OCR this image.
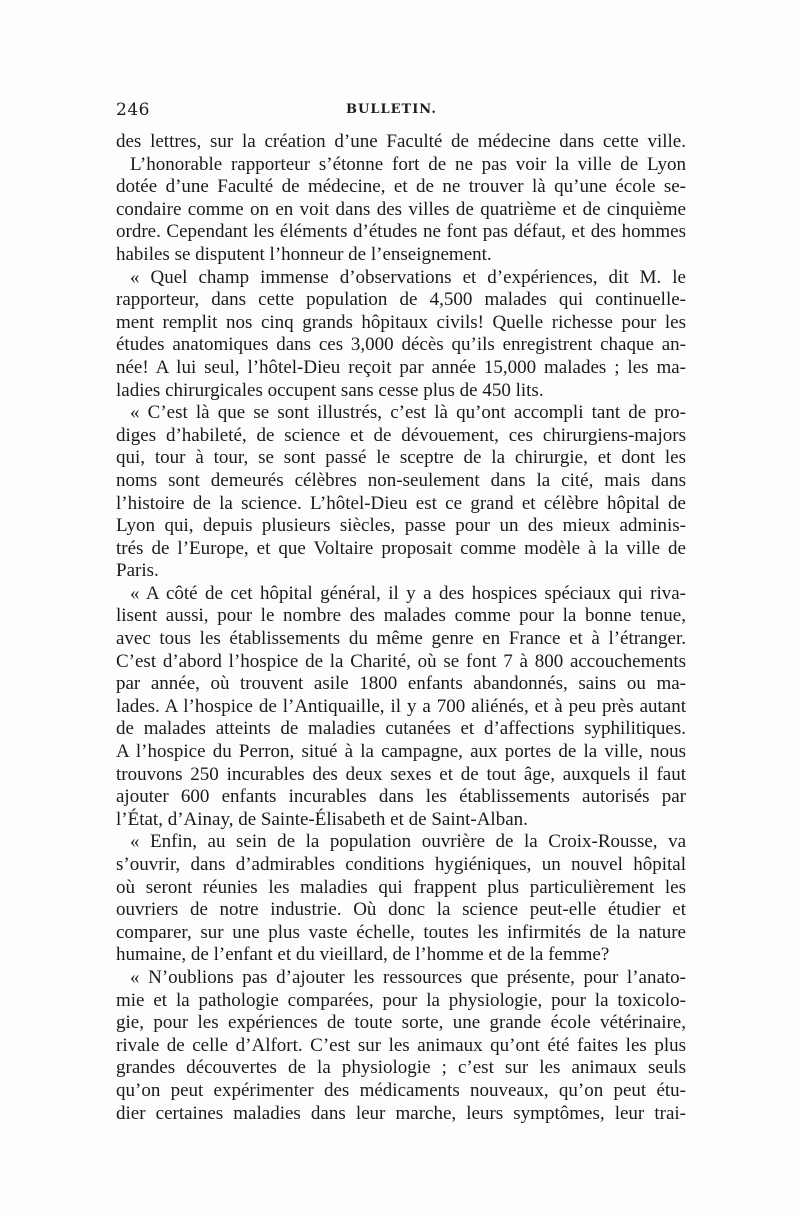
246	BULLETIN.
des lettres, sur la création d’une Faculté de médecine dans cette ville.
L’honorable rapporteur s’étonne fort de ne pas voir la ville de Lyon
dotée d’une Faculté de médecine, et de ne trouver là qu’une école se-
condaire comme on en voit dans des villes de quatrième et de cinquième
ordre. Cependant les éléments d’études ne font pas défaut, et des hommes
habiles se disputent l’honneur de l’enseignement.
« Quel champ immense d’observations et d’expériences, dit M. le
rapporteur, dans cette population de 4,500 malades qui continuelle-
ment remplit nos cinq grands hôpitaux civils! Quelle richesse pour les
études anatomiques dans ces 3,000 décès qu’ils enregistrent chaque an-
née! A lui seul, l’hôtel-Dieu reçoit par année 15,000 malades ; les ma-
ladies chirurgicales occupent sans cesse plus de 450 lits.
« C’est là que se sont illustrés, c’est là qu’ont accompli tant de pro-
diges d’habileté, de science et de dévouement, ces chirurgiens-majors
qui, tour à tour, se sont passé le sceptre de la chirurgie, et dont les
noms sont demeurés célèbres non-seulement dans la cité, mais dans
l’histoire de la science. L’hôtel-Dieu est ce grand et célèbre hôpital de
Lyon qui, depuis plusieurs siècles, passe pour un des mieux adminis-
trés de l’Europe, et que Voltaire proposait comme modèle à la ville de
Paris.
« A côté de cet hôpital général, il y a des hospices spéciaux qui riva-
lisent aussi, pour le nombre des malades comme pour la bonne tenue,
avec tous les établissements du même genre en France et à l’étranger.
C’est d’abord l’hospice de la Charité, où se font 7 à 800 accouchements
par année, où trouvent asile 1800 enfants abandonnés, sains ou ma-
lades. A l’hospice de l’Antiquaille, il y a 700 aliénés, et à peu près autant
de malades atteints de maladies cutanées et d’affections syphilitiques.
A l’hospice du Perron, situé à la campagne, aux portes de la ville, nous
trouvons 250 incurables des deux sexes et de tout âge, auxquels il faut
ajouter 600 enfants incurables dans les établissements autorisés par
l’État, d’Ainay, de Sainte-Élisabeth et de Saint-Alban.
« Enfin, au sein de la population ouvrière de la Croix-Rousse, va
s’ouvrir, dans d’admirables conditions hygiéniques, un nouvel hôpital
où seront réunies les maladies qui frappent plus particulièrement les
ouvriers de notre industrie. Où donc la science peut-elle étudier et
comparer, sur une plus vaste échelle, toutes les infirmités de la nature
humaine, de l’enfant et du vieillard, de l’homme et de la femme?
« N’oublions pas d’ajouter les ressources que présente, pour l’anato-
mie et la pathologie comparées, pour la physiologie, pour la toxicolo-
gie, pour les expériences de toute sorte, une grande école vétérinaire,
rivale de celle d’Alfort. C’est sur les animaux qu’ont été faites les plus
grandes découvertes de la physiologie ; c’est sur les animaux seuls
qu’on peut expérimenter des médicaments nouveaux, qu’on peut étu-
dier certaines maladies dans leur marche, leurs symptômes, leur trai-
